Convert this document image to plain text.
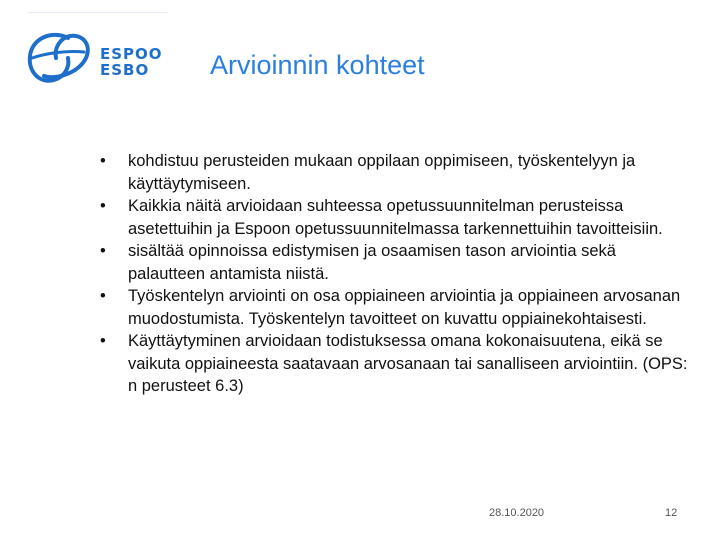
ESPOO
ESBO	Arvioinnin kohteet
•	kohdistuu perusteiden mukaan oppilaan oppimiseen, työskentelyyn ja käyttäytymiseen.
•	Kaikkia näitä arvioidaan suhteessa opetussuunnitelman perusteissa asetettuihin ja Espoon opetussuunnitelmassa tarkennettuihin tavoitteisiin.
•	sisältää opinnoissa edistymisen ja osaamisen tason arviointia sekä palautteen antamista niistä.
•	Työskentelyn arviointi on osa oppiaineen arviointia ja oppiaineen arvosanan muodostumista. Työskentelyn tavoitteet on kuvattu oppiainekohtaisesti.
•	Käyttäytyminen arvioidaan todistuksessa omana kokonaisuutena, eikä se vaikuta oppiaineesta saatavaan arvosanaan tai sanalliseen arviointiin. (OPS: n perusteet 6.3)
28.10.2020	12
